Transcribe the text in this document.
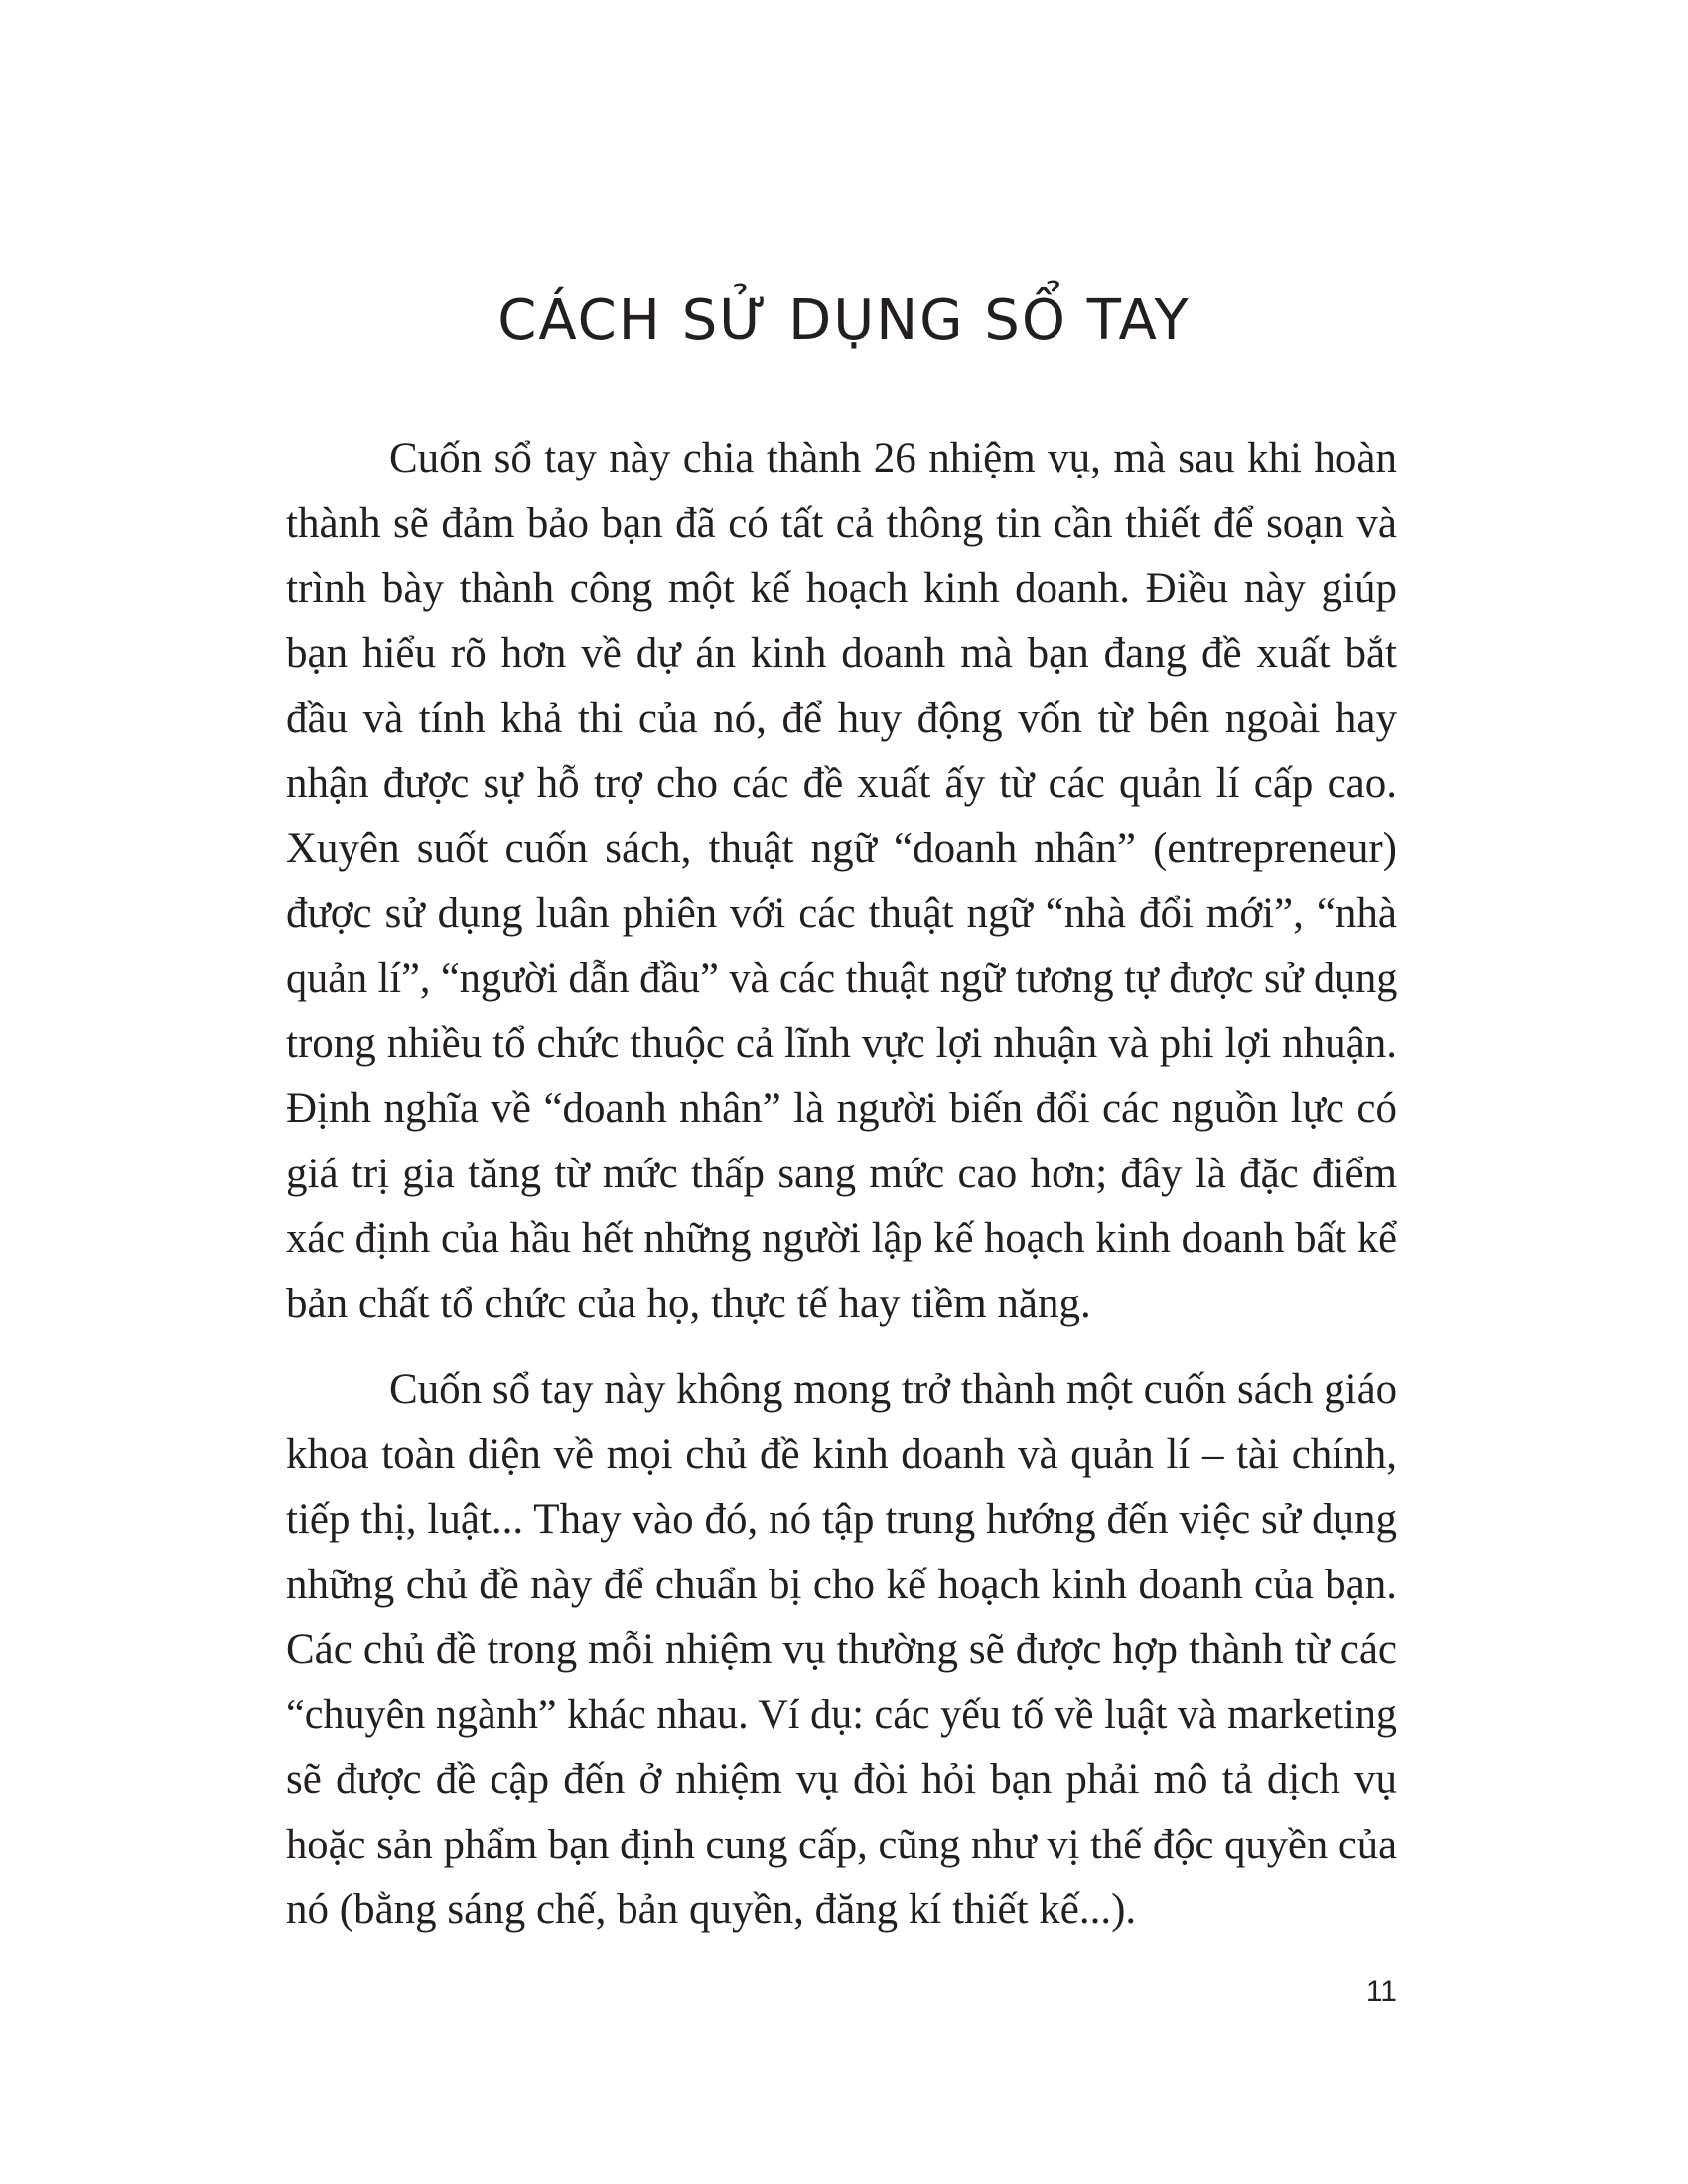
CÁCH SỬ DỤNG SỔ TAY
Cuốn sổ tay này chia thành 26 nhiệm vụ, mà sau khi hoàn
thành sẽ đảm bảo bạn đã có tất cả thông tin cần thiết để soạn và
trình bày thành công một kế hoạch kinh doanh. Điều này giúp
bạn hiểu rõ hơn về dự án kinh doanh mà bạn đang đề xuất bắt
đầu và tính khả thi của nó, để huy động vốn từ bên ngoài hay
nhận được sự hỗ trợ cho các đề xuất ấy từ các quản lí cấp cao.
Xuyên suốt cuốn sách, thuật ngữ “doanh nhân” (entrepreneur)
được sử dụng luân phiên với các thuật ngữ “nhà đổi mới”, “nhà
quản lí”, “người dẫn đầu” và các thuật ngữ tương tự được sử dụng
trong nhiều tổ chức thuộc cả lĩnh vực lợi nhuận và phi lợi nhuận.
Định nghĩa về “doanh nhân” là người biến đổi các nguồn lực có
giá trị gia tăng từ mức thấp sang mức cao hơn; đây là đặc điểm
xác định của hầu hết những người lập kế hoạch kinh doanh bất kể
bản chất tổ chức của họ, thực tế hay tiềm năng.
Cuốn sổ tay này không mong trở thành một cuốn sách giáo
khoa toàn diện về mọi chủ đề kinh doanh và quản lí – tài chính,
tiếp thị, luật... Thay vào đó, nó tập trung hướng đến việc sử dụng
những chủ đề này để chuẩn bị cho kế hoạch kinh doanh của bạn.
Các chủ đề trong mỗi nhiệm vụ thường sẽ được hợp thành từ các
“chuyên ngành” khác nhau. Ví dụ: các yếu tố về luật và marketing
sẽ được đề cập đến ở nhiệm vụ đòi hỏi bạn phải mô tả dịch vụ
hoặc sản phẩm bạn định cung cấp, cũng như vị thế độc quyền của
nó (bằng sáng chế, bản quyền, đăng kí thiết kế...).
11
